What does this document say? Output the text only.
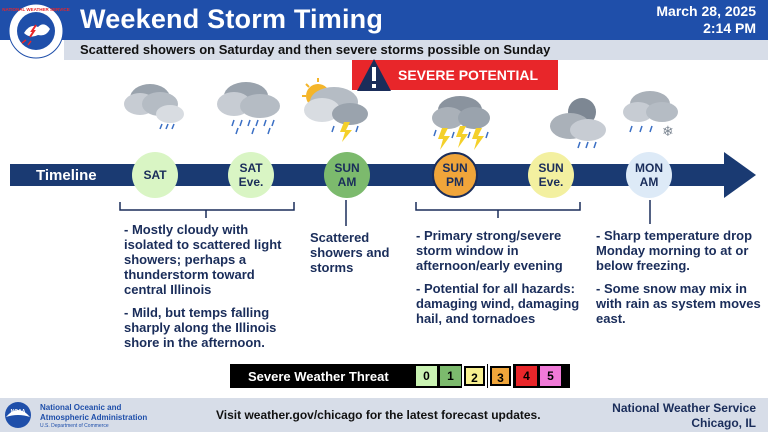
NATIONAL WEATHER SERVICE Weekend Storm Timing	March 28, 2025
2:14 PM
Scattered showers on Saturday and then severe storms possible on Sunday
SEVERE POTENTIAL
❄
Timeline	SAT	SAT
Eve.
SUN
AM
SUN
PM
SUN
Eve.
MON
AM

- Mostly cloudy with isolated to scattered light showers; perhaps a thunderstorm toward central Illinois

- Mild, but temps falling sharply along the Illinois shore in the afternoon.

Scattered showers and storms

- Primary strong/severe storm window in afternoon/early evening

- Potential for all hazards: damaging wind, damaging hail, and tornadoes

- Sharp temperature drop Monday morning to at or below freezing.

- Some snow may mix in with rain as system moves east.

Severe Weather Threat	0	1	2	3	4	5
NOAA National Oceanic and
Atmospheric Administration
U.S. Department of Commerce
Visit weather.gov/chicago for the latest forecast updates.	National Weather Service
Chicago, IL
